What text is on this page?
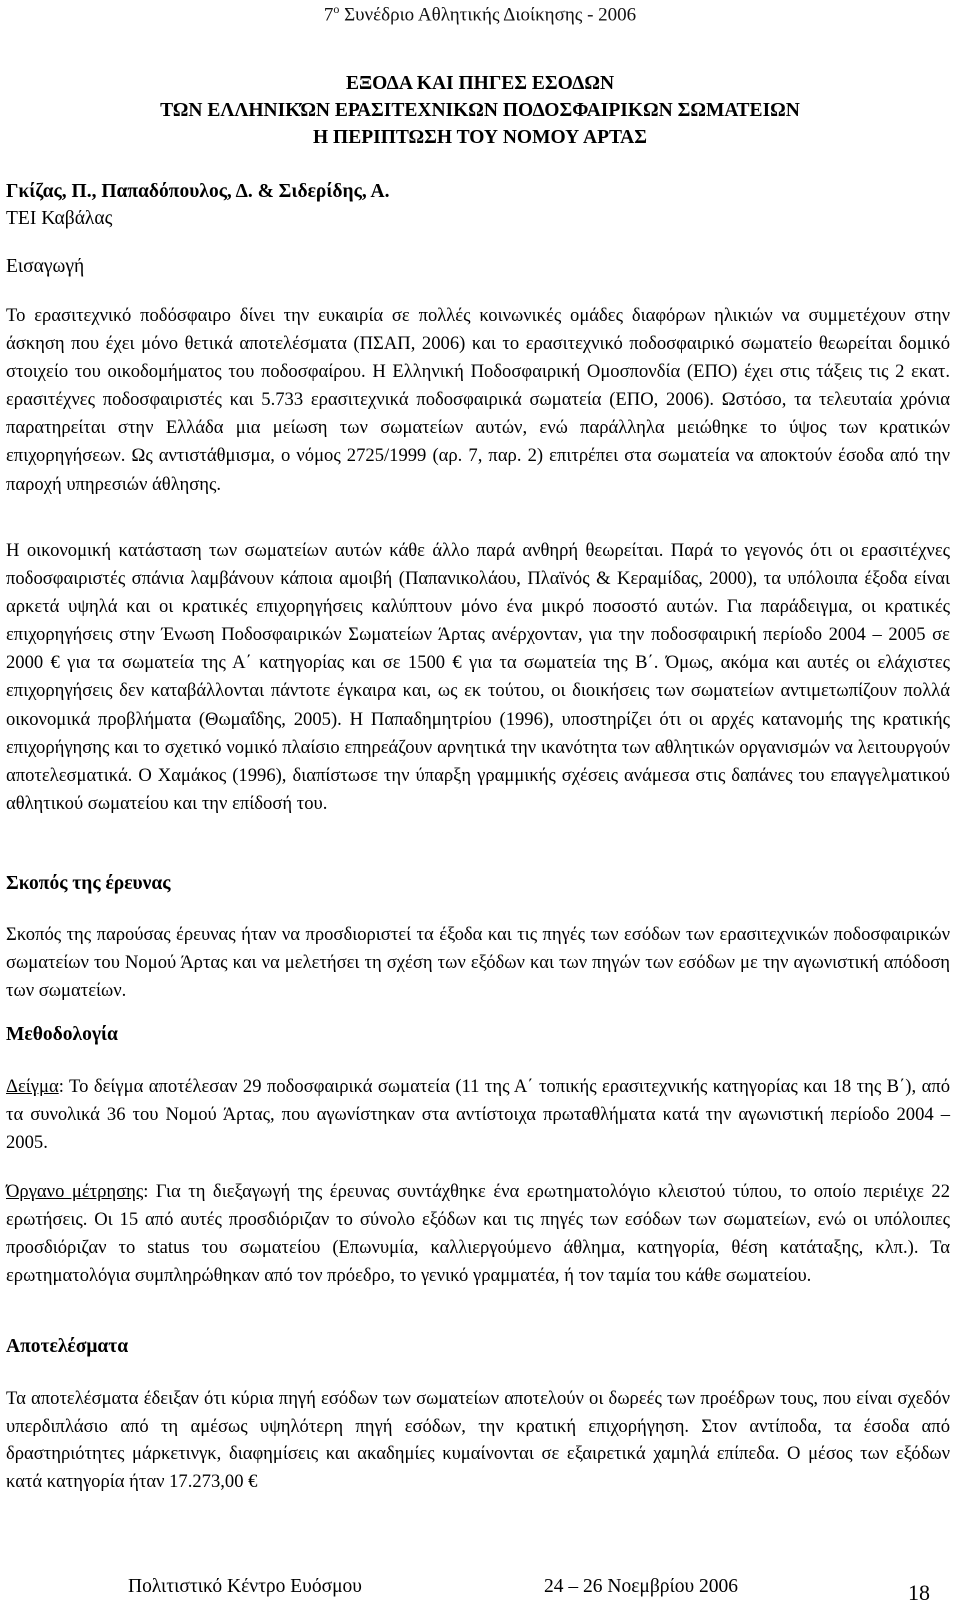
$7^o$ Συνέδριο Αθλητικής Διοίκησης - 2006
ΕΞΟΔΑ ΚΑΙ ΠΗΓΕΣ ΕΣΟΔΩΝ
ΤΩΝ ΕΛΛΗΝΙΚΏΝ ΕΡΑΣΙΤΕΧΝΙΚΩΝ ΠΟΔΟΣΦΑΙΡΙΚΩΝ ΣΩΜΑΤΕΙΩΝ
Η ΠΕΡΙΠΤΩΣΗ ΤΟΥ ΝΟΜΟΥ ΑΡΤΑΣ
Γκίζας, Π., Παπαδόπουλος, Δ. & Σιδερίδης, Α.
ΤΕΙ Καβάλας
Εισαγωγή

Το ερασιτεχνικό ποδόσφαιρο δίνει την ευκαιρία σε πολλές κοινωνικές ομάδες διαφόρων ηλικιών να συμμετέχουν στην άσκηση που έχει μόνο θετικά αποτελέσματα (ΠΣΑΠ, 2006) και το ερασιτεχνικό ποδοσφαιρικό σωματείο θεωρείται δομικό στοιχείο του οικοδομήματος του ποδοσφαίρου. Η Ελληνική Ποδοσφαιρική Ομοσπονδία (ΕΠΟ) έχει στις τάξεις τις 2 εκατ. ερασιτέχνες ποδοσφαιριστές και 5.733 ερασιτεχνικά ποδοσφαιρικά σωματεία (ΕΠΟ, 2006). Ωστόσο, τα τελευταία χρόνια παρατηρείται στην Ελλάδα μια μείωση των σωματείων αυτών, ενώ παράλληλα μειώθηκε το ύψος των κρατικών επιχορηγήσεων. Ως αντιστάθμισμα, ο νόμος 2725/1999 (αρ. 7, παρ. 2) επιτρέπει στα σωματεία να αποκτούν έσοδα από την παροχή υπηρεσιών άθλησης.

Η οικονομική κατάσταση των σωματείων αυτών κάθε άλλο παρά ανθηρή θεωρείται. Παρά το γεγονός ότι οι ερασιτέχνες ποδοσφαιριστές σπάνια λαμβάνουν κάποια αμοιβή (Παπανικολάου, Πλαϊνός & Κεραμίδας, 2000), τα υπόλοιπα έξοδα είναι αρκετά υψηλά και οι κρατικές επιχορηγήσεις καλύπτουν μόνο ένα μικρό ποσοστό αυτών. Για παράδειγμα, οι κρατικές επιχορηγήσεις στην Ένωση Ποδοσφαιρικών Σωματείων Άρτας ανέρχονταν, για την ποδοσφαιρική περίοδο 2004 – 2005 σε 2000 € για τα σωματεία της Α΄ κατηγορίας και σε 1500 € για τα σωματεία της Β΄. Όμως, ακόμα και αυτές οι ελάχιστες επιχορηγήσεις δεν καταβάλλονται πάντοτε έγκαιρα και, ως εκ τούτου, οι διοικήσεις των σωματείων αντιμετωπίζουν πολλά οικονομικά προβλήματα (Θωμαΐδης, 2005). Η Παπαδημητρίου (1996), υποστηρίζει ότι οι αρχές κατανομής της κρατικής επιχορήγησης και το σχετικό νομικό πλαίσιο επηρεάζουν αρνητικά την ικανότητα των αθλητικών οργανισμών να λειτουργούν αποτελεσματικά. Ο Χαμάκος (1996), διαπίστωσε την ύπαρξη γραμμικής σχέσεις ανάμεσα στις δαπάνες του επαγγελματικού αθλητικού σωματείου και την επίδοσή του.

Σκοπός της έρευνας

Σκοπός της παρούσας έρευνας ήταν να προσδιοριστεί τα έξοδα και τις πηγές των εσόδων των ερασιτεχνικών ποδοσφαιρικών σωματείων του Νομού Άρτας και να μελετήσει τη σχέση των εξόδων και των πηγών των εσόδων με την αγωνιστική απόδοση των σωματείων.

Μεθοδολογία

Δείγμα: Το δείγμα αποτέλεσαν 29 ποδοσφαιρικά σωματεία (11 της Α΄ τοπικής ερασιτεχνικής κατηγορίας και 18 της Β΄), από τα συνολικά 36 του Νομού Άρτας, που αγωνίστηκαν στα αντίστοιχα πρωταθλήματα κατά την αγωνιστική περίοδο 2004 – 2005.

Όργανο μέτρησης: Για τη διεξαγωγή της έρευνας συντάχθηκε ένα ερωτηματολόγιο κλειστού τύπου, το οποίο περιέιχε 22 ερωτήσεις. Οι 15 από αυτές προσδιόριζαν το σύνολο εξόδων και τις πηγές των εσόδων των σωματείων, ενώ οι υπόλοιπες προσδιόριζαν το status του σωματείου (Επωνυμία, καλλιεργούμενο άθλημα, κατηγορία, θέση κατάταξης, κλπ.). Τα ερωτηματολόγια συμπληρώθηκαν από τον πρόεδρο, το γενικό γραμματέα, ή τον ταμία του κάθε σωματείου.

Αποτελέσματα

Τα αποτελέσματα έδειξαν ότι κύρια πηγή εσόδων των σωματείων αποτελούν οι δωρεές των προέδρων τους, που είναι σχεδόν υπερδιπλάσιο από τη αμέσως υψηλότερη πηγή εσόδων, την κρατική επιχορήγηση. Στον αντίποδα, τα έσοδα από δραστηριότητες μάρκετινγκ, διαφημίσεις και ακαδημίες κυμαίνονται σε εξαιρετικά χαμηλά επίπεδα. Ο μέσος των εξόδων κατά κατηγορία ήταν 17.273,00 €

Πολιτιστικό Κέντρο Ευόσμου	24 – 26 Νοεμβρίου 2006	18
